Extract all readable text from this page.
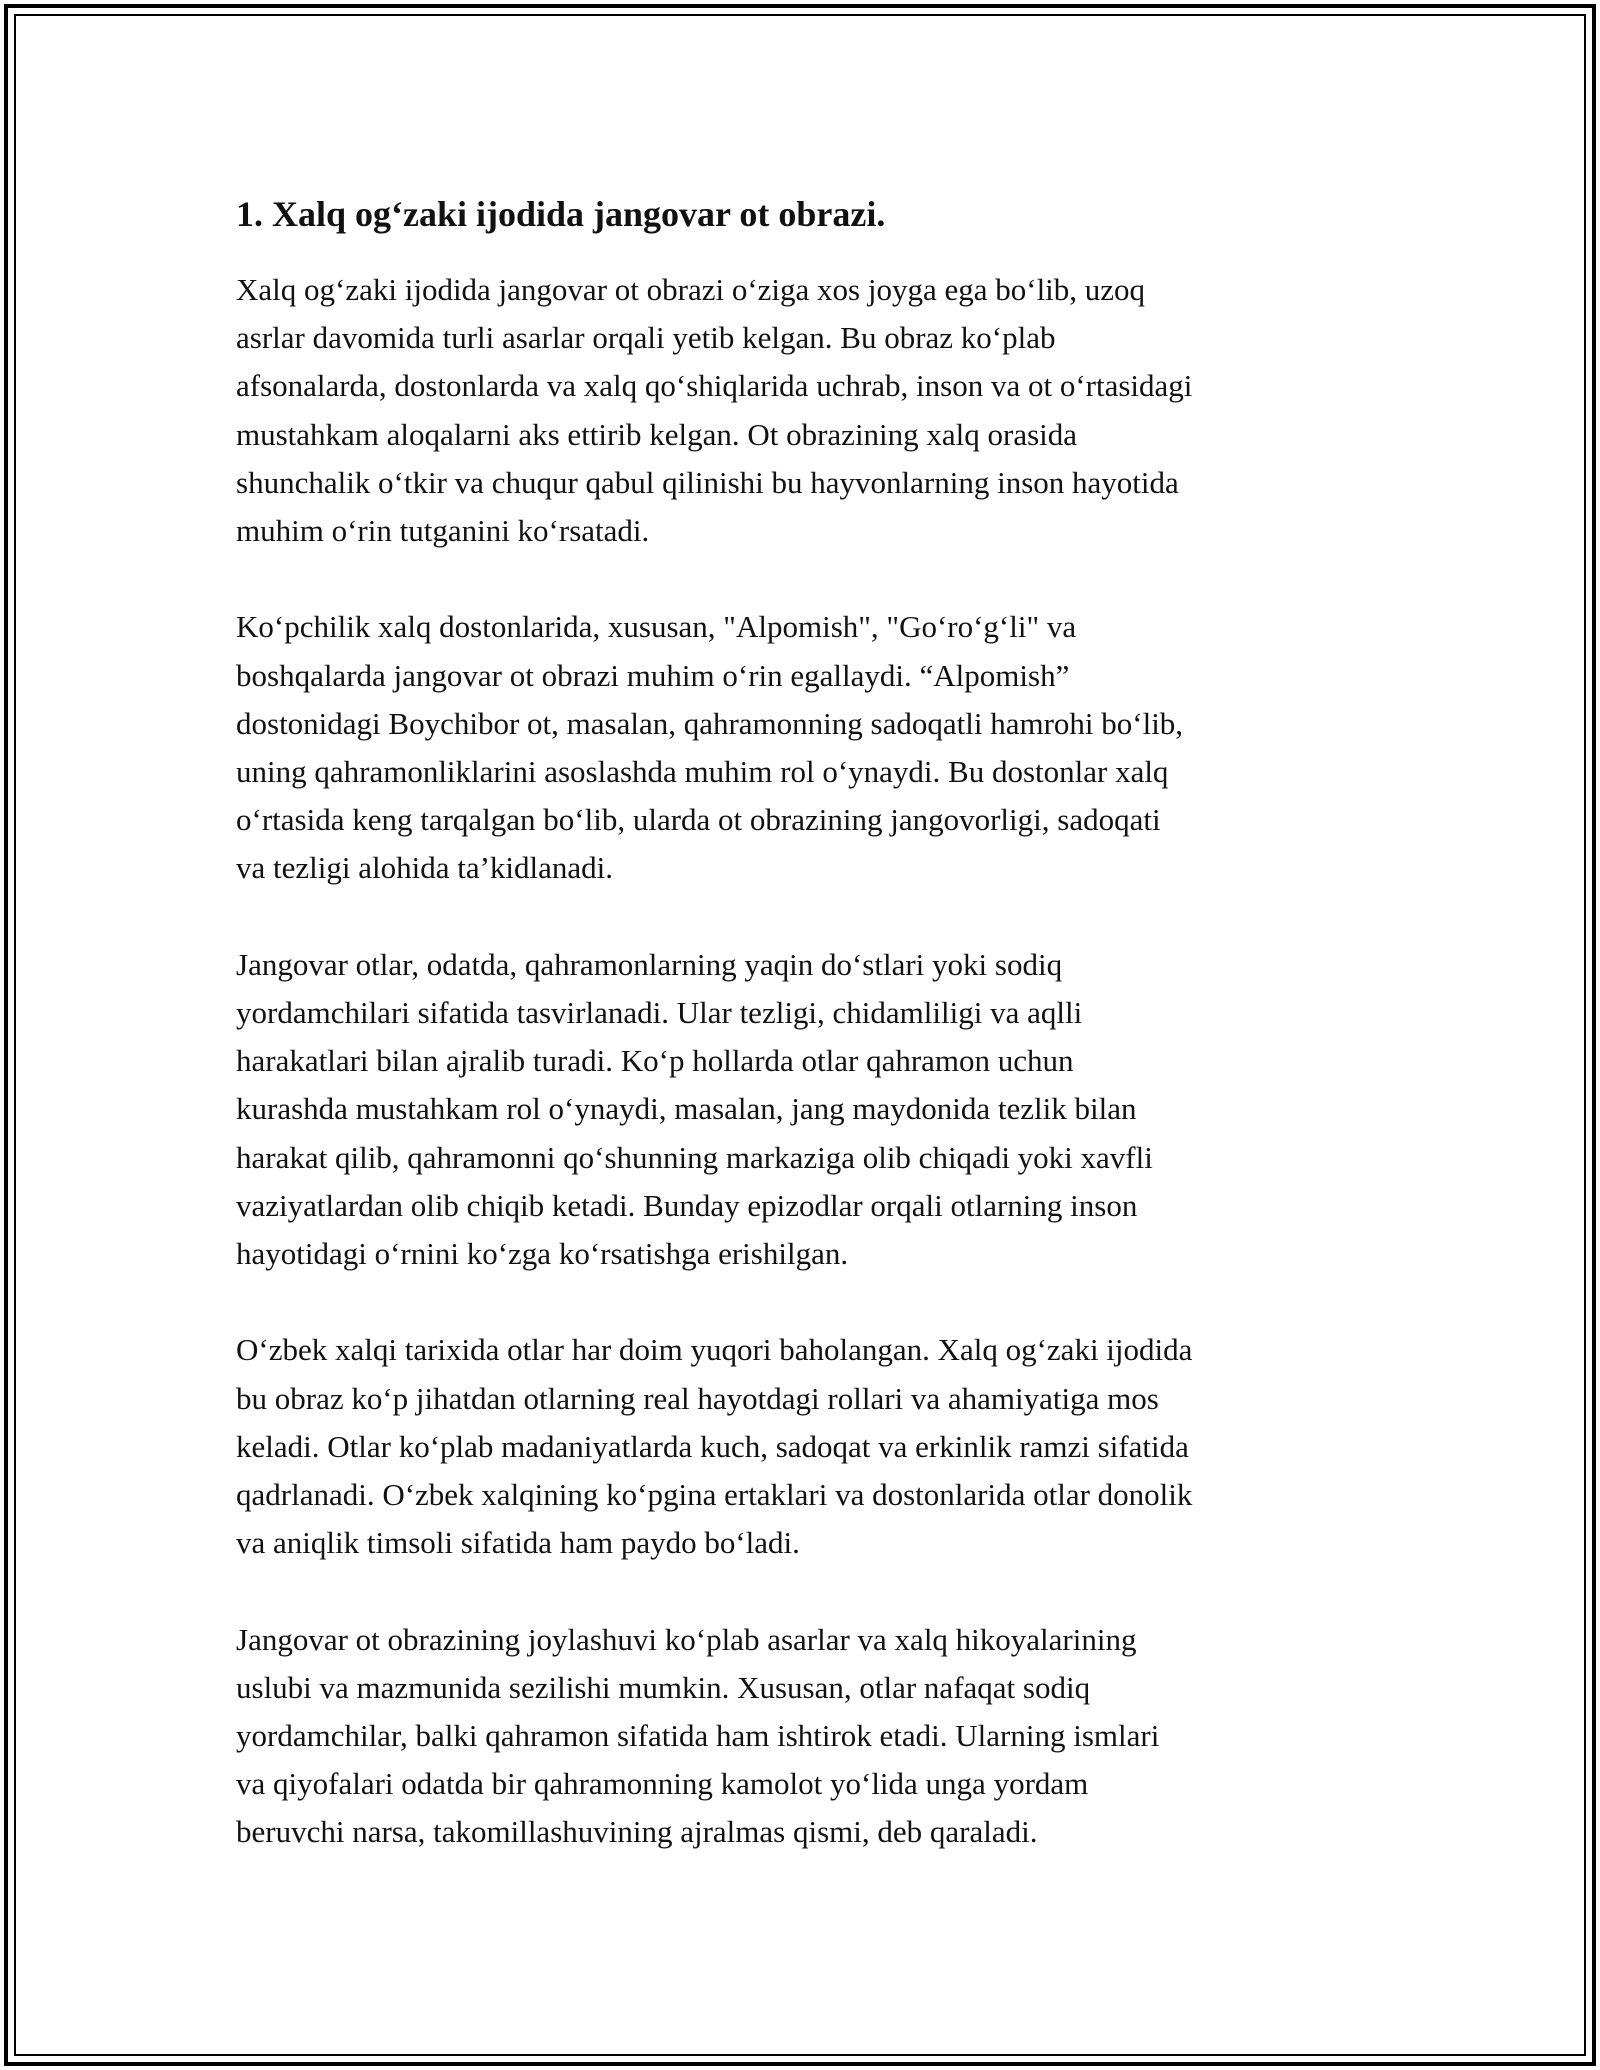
1. Xalq og‘zaki ijodida jangovar ot obrazi.

Xalq og‘zaki ijodida jangovar ot obrazi o‘ziga xos joyga ega bo‘lib, uzoq
asrlar davomida turli asarlar orqali yetib kelgan. Bu obraz ko‘plab
afsonalarda, dostonlarda va xalq qo‘shiqlarida uchrab, inson va ot o‘rtasidagi
mustahkam aloqalarni aks ettirib kelgan. Ot obrazining xalq orasida
shunchalik o‘tkir va chuqur qabul qilinishi bu hayvonlarning inson hayotida
muhim o‘rin tutganini ko‘rsatadi.

Ko‘pchilik xalq dostonlarida, xususan, "Alpomish", "Go‘ro‘g‘li" va
boshqalarda jangovar ot obrazi muhim o‘rin egallaydi. “Alpomish”
dostonidagi Boychibor ot, masalan, qahramonning sadoqatli hamrohi bo‘lib,
uning qahramonliklarini asoslashda muhim rol o‘ynaydi. Bu dostonlar xalq
o‘rtasida keng tarqalgan bo‘lib, ularda ot obrazining jangovorligi, sadoqati
va tezligi alohida ta’kidlanadi.

Jangovar otlar, odatda, qahramonlarning yaqin do‘stlari yoki sodiq
yordamchilari sifatida tasvirlanadi. Ular tezligi, chidamliligi va aqlli
harakatlari bilan ajralib turadi. Ko‘p hollarda otlar qahramon uchun
kurashda mustahkam rol o‘ynaydi, masalan, jang maydonida tezlik bilan
harakat qilib, qahramonni qo‘shunning markaziga olib chiqadi yoki xavfli
vaziyatlardan olib chiqib ketadi. Bunday epizodlar orqali otlarning inson
hayotidagi o‘rnini ko‘zga ko‘rsatishga erishilgan.

O‘zbek xalqi tarixida otlar har doim yuqori baholangan. Xalq og‘zaki ijodida
bu obraz ko‘p jihatdan otlarning real hayotdagi rollari va ahamiyatiga mos
keladi. Otlar ko‘plab madaniyatlarda kuch, sadoqat va erkinlik ramzi sifatida
qadrlanadi. O‘zbek xalqining ko‘pgina ertaklari va dostonlarida otlar donolik
va aniqlik timsoli sifatida ham paydo bo‘ladi.

Jangovar ot obrazining joylashuvi ko‘plab asarlar va xalq hikoyalarining
uslubi va mazmunida sezilishi mumkin. Xususan, otlar nafaqat sodiq
yordamchilar, balki qahramon sifatida ham ishtirok etadi. Ularning ismlari
va qiyofalari odatda bir qahramonning kamolot yo‘lida unga yordam
beruvchi narsa, takomillashuvining ajralmas qismi, deb qaraladi.
